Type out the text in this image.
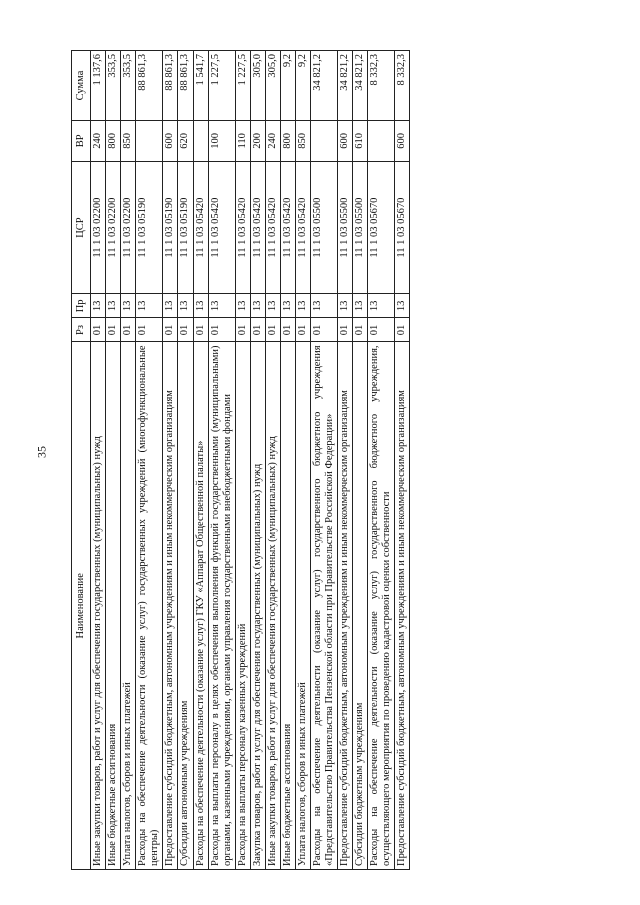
35
Наименование	Рз	Пр	ЦСР	ВР	Сумма
Иные закупки товаров, работ и услуг для обеспечения государственных (муниципальных) нужд	01	13	11 1 03 02200	240	1 137,6
Иные бюджетные ассигнования	01	13	11 1 03 02200	800	353,5
Уплата налогов, сборов и иных платежей	01	13	11 1 03 02200	850	353,5
Расходы на обеспечение деятельности (оказание услуг) государственных учреждений (многофункциональные центры)	01	13	11 1 03 05190		88 861,3
Предоставление субсидий бюджетным, автономным учреждениям и иным некоммерческим организациям	01	13	11 1 03 05190	600	88 861,3
Субсидии автономным учреждениям	01	13	11 1 03 05190	620	88 861,3
Расходы на обеспечение деятельности (оказание услуг) ГКУ «Аппарат Общественной палаты»	01	13	11 1 03 05420		1 541,7
Расходы на выплаты персоналу в целях обеспечения выполнения функций государственными (муниципальными) органами, казенными учреждениями, органами управления государственными внебюджетными фондами	01	13	11 1 03 05420	100	1 227,5
Расходы на выплаты персоналу казенных учреждений	01	13	11 1 03 05420	110	1 227,5
Закупка товаров, работ и услуг для обеспечения государственных (муниципальных) нужд	01	13	11 1 03 05420	200	305,0
Иные закупки товаров, работ и услуг для обеспечения государственных (муниципальных) нужд	01	13	11 1 03 05420	240	305,0
Иные бюджетные ассигнования	01	13	11 1 03 05420	800	9,2
Уплата налогов, сборов и иных платежей	01	13	11 1 03 05420	850	9,2
Расходы на обеспечение деятельности (оказание услуг) государственного бюджетного учреждения «Представительство Правительства Пензенской области при Правительстве Российской Федерации»	01	13	11 1 03 05500		34 821,2
Предоставление субсидий бюджетным, автономным учреждениям и иным некоммерческим организациям	01	13	11 1 03 05500	600	34 821,2
Субсидии бюджетным учреждениям	01	13	11 1 03 05500	610	34 821,2
Расходы на обеспечение деятельности (оказание услуг) государственного бюджетного учреждения, осуществляющего мероприятия по проведению кадастровой оценки собственности	01	13	11 1 03 05670		8 332,3
Предоставление субсидий бюджетным, автономным учреждениям и иным некоммерческим организациям	01	13	11 1 03 05670	600	8 332,3
